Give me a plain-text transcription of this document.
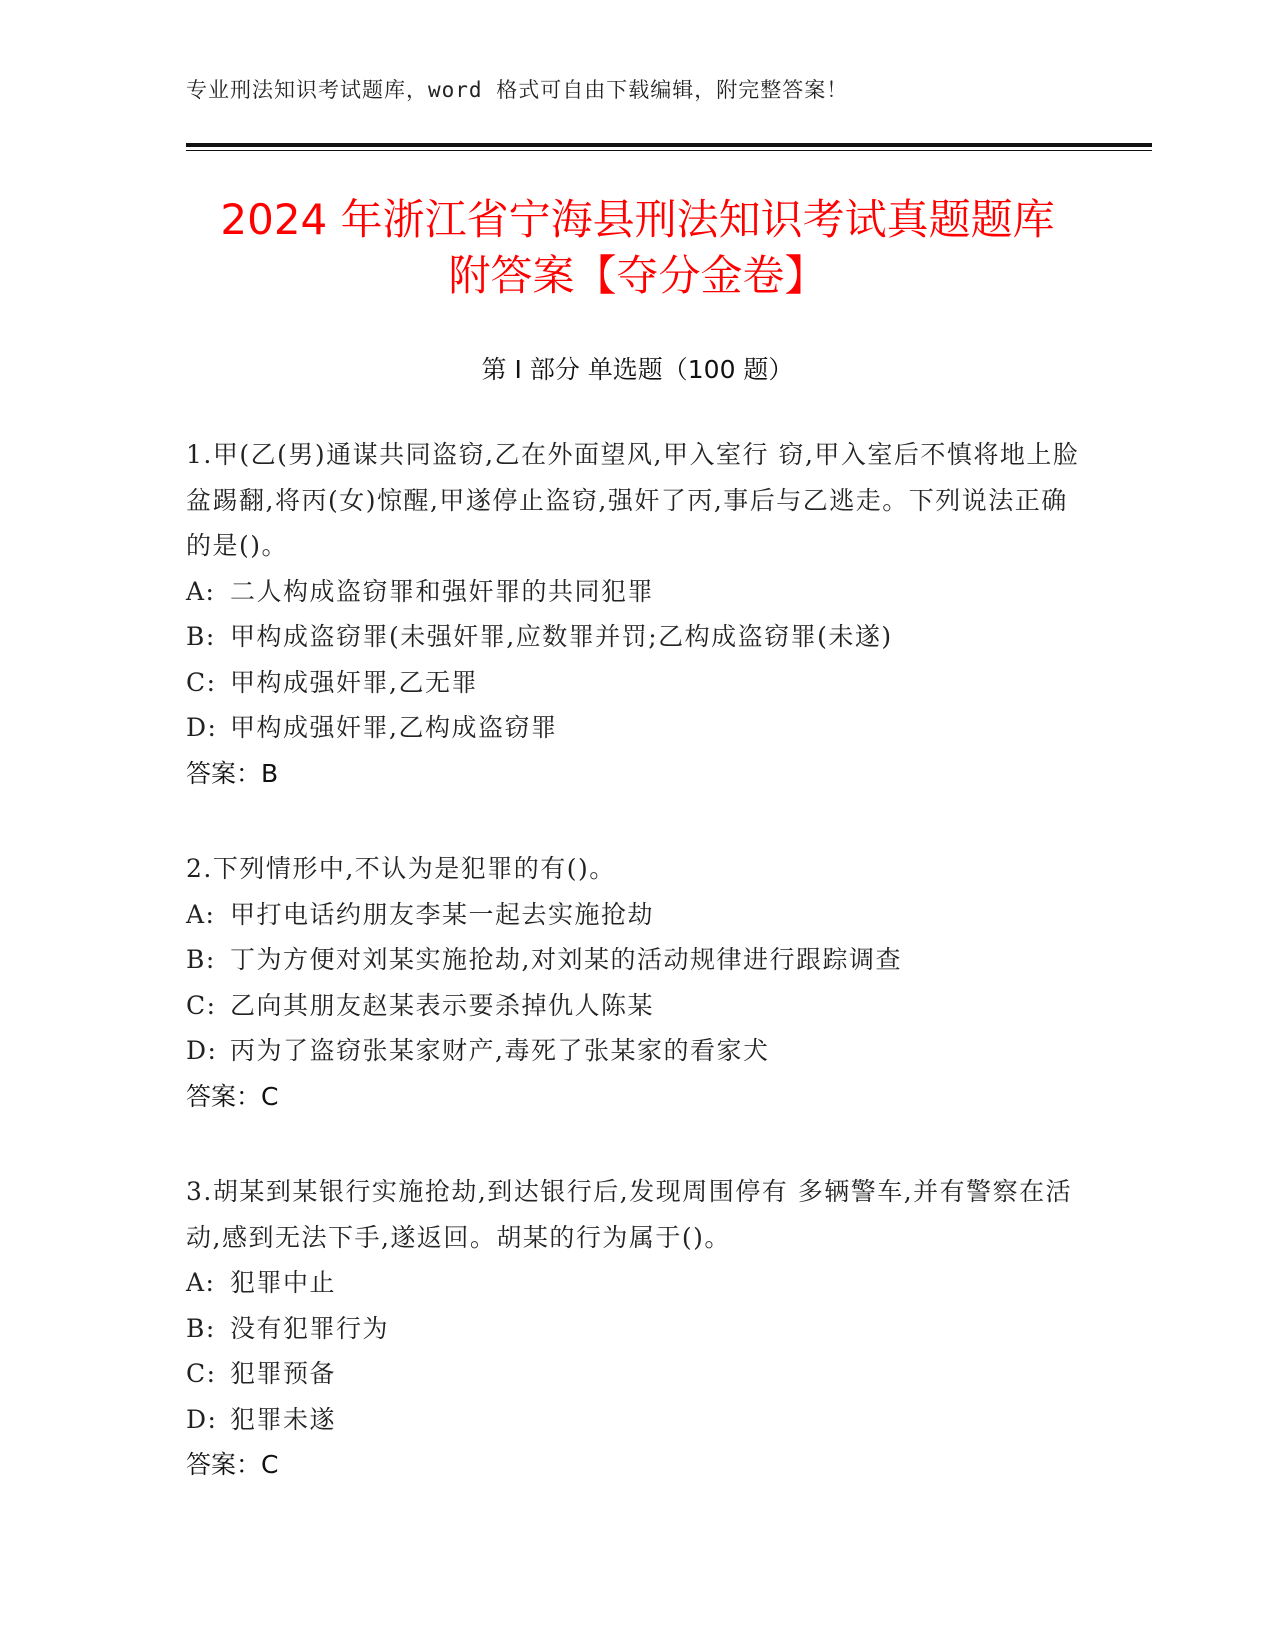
专业刑法知识考试题库，word 格式可自由下载编辑，附完整答案！
2024 年浙江省宁海县刑法知识考试真题题库
附答案【夺分金卷】
第 I 部分 单选题（100 题）
1.甲(乙(男)通谋共同盗窃,乙在外面望风,甲入室行 窃,甲入室后不慎将地上脸盆踢翻,将丙(女)惊醒,甲遂停止盗窃,强奸了丙,事后与乙逃走。下列说法正确的是()。
A: 二人构成盗窃罪和强奸罪的共同犯罪
B: 甲构成盗窃罪(未强奸罪,应数罪并罚;乙构成盗窃罪(未遂)
C: 甲构成强奸罪,乙无罪
D: 甲构成强奸罪,乙构成盗窃罪
答案：B
2.下列情形中,不认为是犯罪的有()。
A: 甲打电话约朋友李某一起去实施抢劫
B: 丁为方便对刘某实施抢劫,对刘某的活动规律进行跟踪调查
C: 乙向其朋友赵某表示要杀掉仇人陈某
D: 丙为了盗窃张某家财产,毒死了张某家的看家犬
答案：C
3.胡某到某银行实施抢劫,到达银行后,发现周围停有 多辆警车,并有警察在活动,感到无法下手,遂返回。胡某的行为属于()。
A: 犯罪中止
B: 没有犯罪行为
C: 犯罪预备
D: 犯罪未遂
答案：C
